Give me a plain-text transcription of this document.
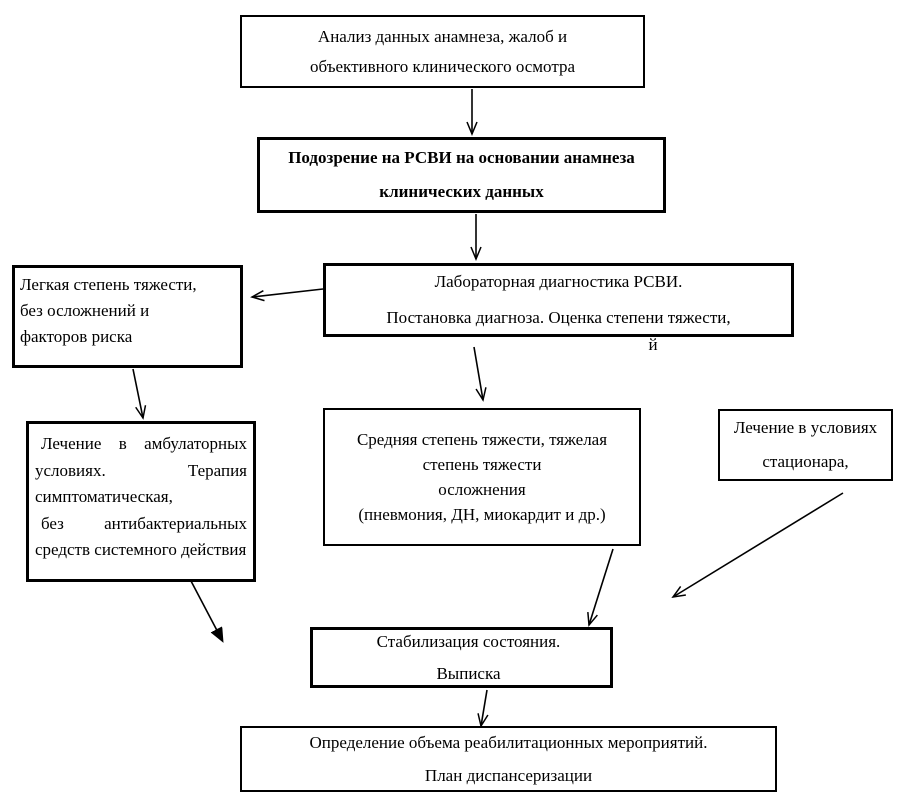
Анализ данных анамнеза, жалоб и
объективного клинического осмотра
Подозрение на РСВИ на основании анамнеза
клинических данных
Лабораторная диагностика РСВИ.
Постановка диагноза. Оценка степени тяжести,
й
Легкая степень тяжести,
без осложнений и
факторов риска

Лечение в амбулаторных условиях. Терапия симптоматическая,

без антибактериальных средств системного действия

Средняя степень тяжести, тяжелая
степень тяжести
осложнения
(пневмония, ДН, миокардит и др.)
Лечение в условиях
стационара,
Стабилизация состояния.
Выписка
Определение объема реабилитационных мероприятий.
План диспансеризации
